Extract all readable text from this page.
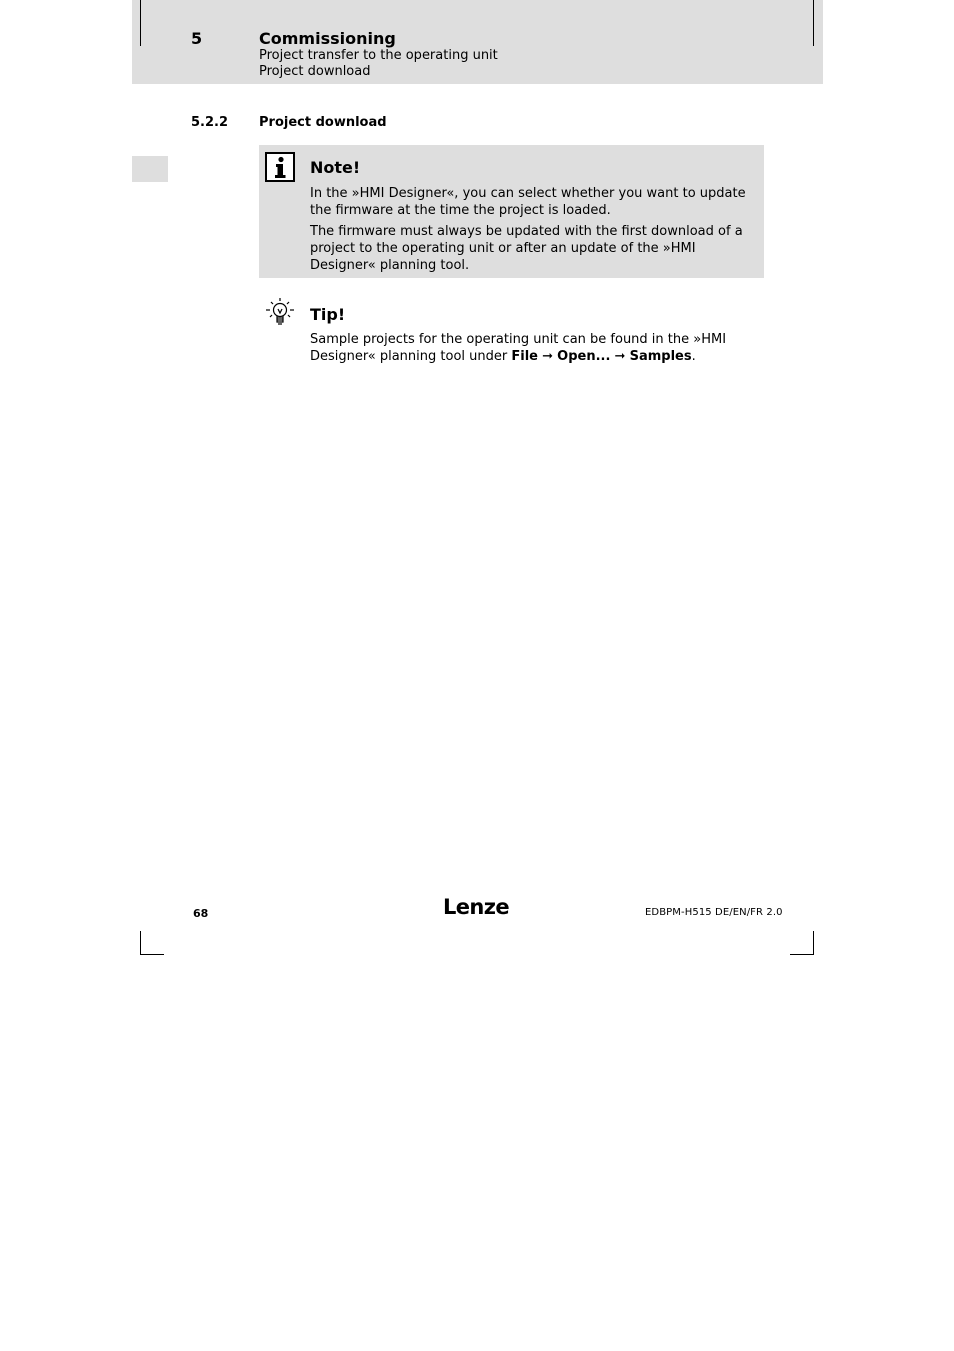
5	Commissioning
Project transfer to the operating unit
Project download
5.2.2 Project download
Note!
In the »HMI Designer«, you can select whether you want to update the firmware at the time the project is loaded.
The firmware must always be updated with the first download of a project to the operating unit or after an update of the »HMI Designer« planning tool.
Tip!
Sample projects for the operating unit can be found in the »HMI Designer« planning tool under File ➞ Open... ➞ Samples.
68	Lenze	EDBPM-H515 DE/EN/FR 2.0
